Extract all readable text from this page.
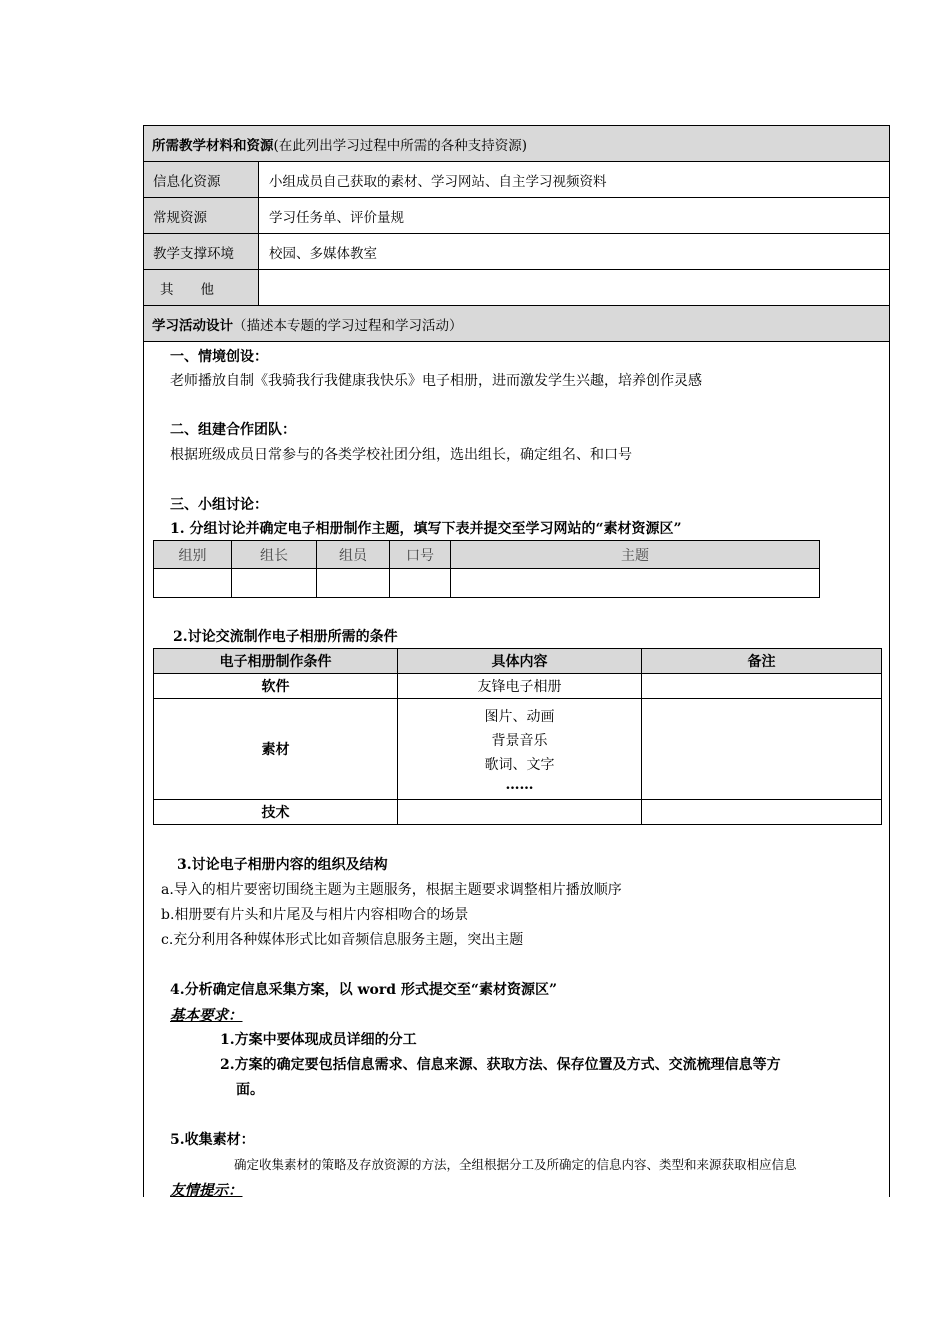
所需教学材料和资源 (在此列出学习过程中所需的各种支持资源)
信息化资源	小组成员自己获取的素材、学习网站、自主学习视频资料
常规资源	学习任务单、评价量规
教学支撑环境	校园、多媒体教室
其　　他
学习活动设计 （描述本专题的学习过程和学习活动）
一、情境创设：
老师播放自制《我骑我行我健康我快乐》电子相册，进而激发学生兴趣，培养创作灵感
二、组建合作团队：
根据班级成员日常参与的各类学校社团分组，选出组长，确定组名、和口号
三、小组讨论：
1. 分组讨论并确定电子相册制作主题，填写下表并提交至学习网站的“素材资源区”
组别	组长	组员	口号	主题

2.讨论交流制作电子相册所需的条件
电子相册制作条件	具体内容	备注
软件	友锋电子相册	
素材	图片、动画
背景音乐
歌词、文字
……	

技术		
3.讨论电子相册内容的组织及结构
a.导入的相片要密切围绕主题为主题服务，根据主题要求调整相片播放顺序
b.相册要有片头和片尾及与相片内容相吻合的场景
c.充分利用各种媒体形式比如音频信息服务主题，突出主题
4.分析确定信息采集方案，以 word 形式提交至“素材资源区”
基本要求：
1.方案中要体现成员详细的分工
2.方案的确定要包括信息需求、信息来源、获取方法、保存位置及方式、交流梳理信息等方
面。
5.收集素材：
确定收集素材的策略及存放资源的方法，全组根据分工及所确定的信息内容、类型和来源获取相应信息
友情提示：
